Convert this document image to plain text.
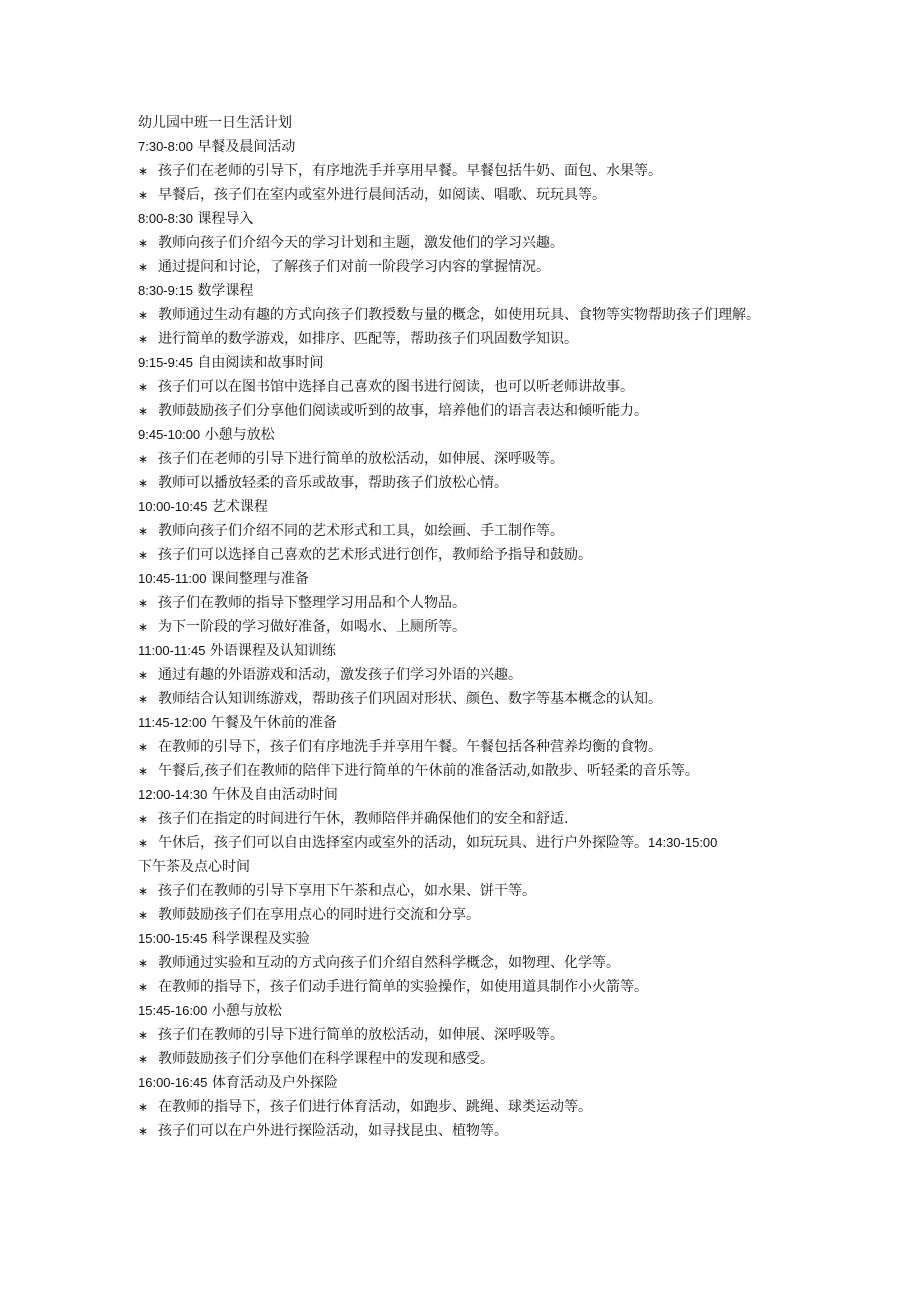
幼儿园中班一日生活计划
7:30-8:00 早餐及晨间活动
∗ 孩子们在老师的引导下，有序地洗手并享用早餐。早餐包括牛奶、面包、水果等。
∗ 早餐后，孩子们在室内或室外进行晨间活动，如阅读、唱歌、玩玩具等。
8:00-8:30 课程导入
∗ 教师向孩子们介绍今天的学习计划和主题，激发他们的学习兴趣。
∗ 通过提问和讨论，了解孩子们对前一阶段学习内容的掌握情况。
8:30-9:15 数学课程
∗ 教师通过生动有趣的方式向孩子们教授数与量的概念，如使用玩具、食物等实物帮助孩子们理解。
∗ 进行简单的数学游戏，如排序、匹配等，帮助孩子们巩固数学知识。
9:15-9:45 自由阅读和故事时间
∗ 孩子们可以在图书馆中选择自己喜欢的图书进行阅读，也可以听老师讲故事。
∗ 教师鼓励孩子们分享他们阅读或听到的故事，培养他们的语言表达和倾听能力。
9:45-10:00 小憩与放松
∗ 孩子们在老师的引导下进行简单的放松活动，如伸展、深呼吸等。
∗ 教师可以播放轻柔的音乐或故事，帮助孩子们放松心情。
10:00-10:45 艺术课程
∗ 教师向孩子们介绍不同的艺术形式和工具，如绘画、手工制作等。
∗ 孩子们可以选择自己喜欢的艺术形式进行创作，教师给予指导和鼓励。
10:45-11:00 课间整理与准备
∗ 孩子们在教师的指导下整理学习用品和个人物品。
∗ 为下一阶段的学习做好准备，如喝水、上厕所等。
11:00-11:45 外语课程及认知训练
∗ 通过有趣的外语游戏和活动，激发孩子们学习外语的兴趣。
∗ 教师结合认知训练游戏，帮助孩子们巩固对形状、颜色、数字等基本概念的认知。
11:45-12:00 午餐及午休前的准备
∗ 在教师的引导下，孩子们有序地洗手并享用午餐。午餐包括各种营养均衡的食物。
∗ 午餐后,孩子们在教师的陪伴下进行简单的午休前的准备活动,如散步、听轻柔的音乐等。
12:00-14:30 午休及自由活动时间
∗ 孩子们在指定的时间进行午休，教师陪伴并确保他们的安全和舒适.
∗ 午休后，孩子们可以自由选择室内或室外的活动，如玩玩具、进行户外探险等。14:30-15:00
下午茶及点心时间
∗ 孩子们在教师的引导下享用下午茶和点心，如水果、饼干等。
∗ 教师鼓励孩子们在享用点心的同时进行交流和分享。
15:00-15:45 科学课程及实验
∗ 教师通过实验和互动的方式向孩子们介绍自然科学概念，如物理、化学等。
∗ 在教师的指导下，孩子们动手进行简单的实验操作，如使用道具制作小火箭等。
15:45-16:00 小憩与放松
∗ 孩子们在教师的引导下进行简单的放松活动，如伸展、深呼吸等。
∗ 教师鼓励孩子们分享他们在科学课程中的发现和感受。
16:00-16:45 体育活动及户外探险
∗ 在教师的指导下，孩子们进行体育活动，如跑步、跳绳、球类运动等。
∗ 孩子们可以在户外进行探险活动，如寻找昆虫、植物等。
